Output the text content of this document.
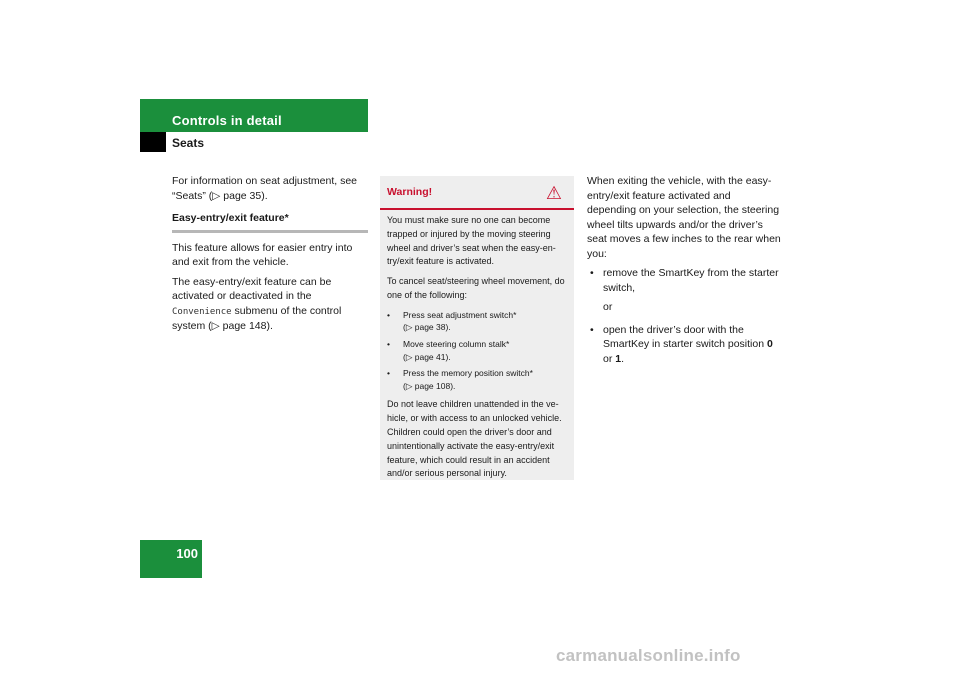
Controls in detail
Seats

For information on seat adjustment, see “Seats” (▷ page 35).

Easy-entry/exit feature*

This feature allows for easier entry into and exit from the vehicle.

The easy-entry/exit feature can be activated or deactivated in the Convenience submenu of the control system (▷ page 148).

Warning!	⚠

You must make sure no one can become trapped or injured by the moving steering wheel and driver’s seat when the easy-en-try/exit feature is activated.

To cancel seat/steering wheel movement, do one of the following:

• Press seat adjustment switch*
(▷ page 38).
• Move steering column stalk*
(▷ page 41).
• Press the memory position switch*
(▷ page 108).

Do not leave children unattended in the ve-hicle, or with access to an unlocked vehicle. Children could open the driver’s door and unintentionally activate the easy-entry/exit feature, which could result in an accident and/or serious personal injury.

When exiting the vehicle, with the easy-entry/exit feature activated and depending on your selection, the steering wheel tilts upwards and/or the driver’s seat moves a few inches to the rear when you:

• remove the SmartKey from the starter switch,
or
• open the driver’s door with the SmartKey in starter switch position 0 or 1.
100
carmanualsonline.info
